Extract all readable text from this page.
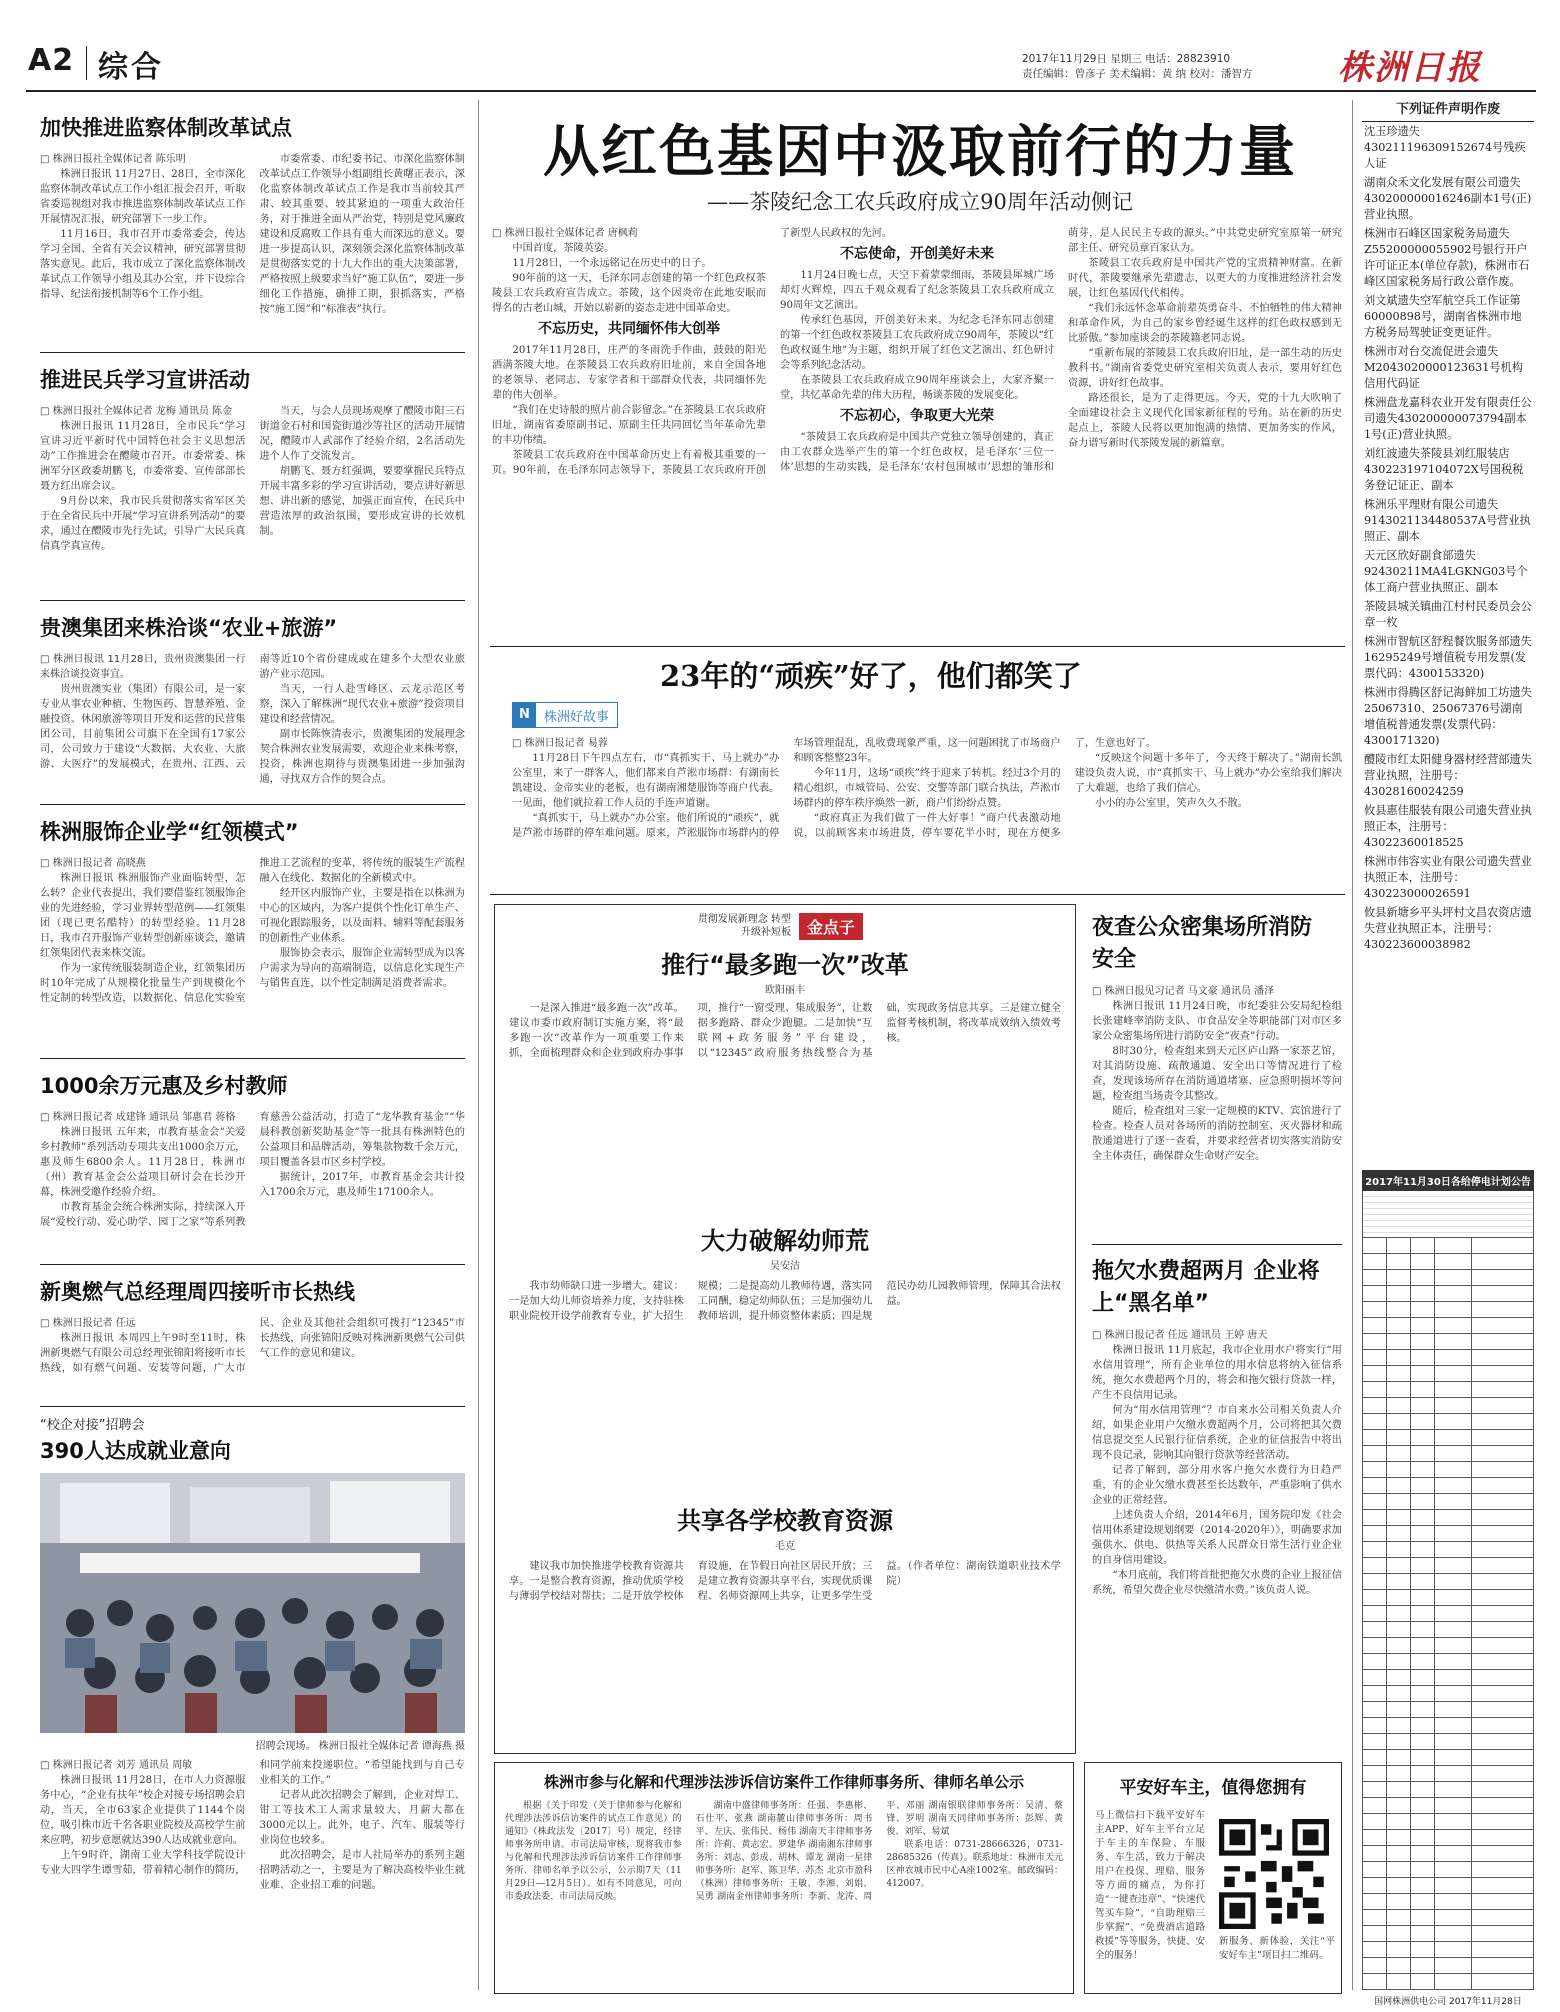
A2 综合	2017年11月29日 星期三 电话：28823910
责任编辑：曾彦子 美术编辑：黄 纳 校对：潘智方	株洲日报
加快推进监察体制改革试点
□ 株洲日报社全媒体记者 陈乐明

株洲日报讯 11月27日、28日，全市深化监察体制改革试点工作小组汇报会召开，听取省委巡视组对我市推进监察体制改革试点工作开展情况汇报，研究部署下一步工作。

11月16日，我市召开市委常委会，传达学习全国、全省有关会议精神，研究部署贯彻落实意见。此后，我市成立了深化监察体制改革试点工作领导小组及其办公室，并下设综合指导、纪法衔接机制等6个工作小组。

市委常委、市纪委书记、市深化监察体制改革试点工作领导小组副组长黄曙正表示，深化监察体制改革试点工作是我市当前较其严肃、较其重要、较其紧迫的一项重大政治任务，对于推进全面从严治党，特别是党风廉政建设和反腐败工作具有重大而深远的意义。要进一步提高认识，深刻领会深化监察体制改革是贯彻落实党的十九大作出的重大决策部署，严格按照上级要求当好“施工队伍”，要进一步细化工作措施，确排工期，狠抓落实，严格按“施工图”和“标准表”执行。

推进民兵学习宣讲活动
□ 株洲日报社全媒体记者 龙梅 通讯员 陈金

株洲日报讯 11月28日，全市民兵“学习宣讲习近平新时代中国特色社会主义思想活动”工作推进会在醴陵市召开。市委常委、株洲军分区政委胡鹏飞，市委常委、宣传部部长聂方红出席会议。

9月份以来，我市民兵贯彻落实省军区关于在全省民兵中开展“学习宣讲系列活动”的要求，通过在醴陵市先行先试，引导广大民兵真信真学真宣传。

当天，与会人员现场观摩了醴陵市阳三石街道金石村和国瓷街道沙等社区的活动开展情况，醴陵市人武部作了经验介绍，2名活动先进个人作了交流发言。

胡鹏飞、聂方红强调，要要掌握民兵特点开展丰富多彩的学习宣讲活动，要点讲好新思想、讲出新的感觉，加强正面宣传，在民兵中营造浓厚的政治氛围，要形成宣讲的长效机制。

贵澳集团来株洽谈“农业+旅游”
□ 株洲日报讯 11月28日，贵州贵澳集团一行来株洽谈投资事宜。

贵州贵澳实业（集团）有限公司，是一家专业从事农业种植、生物医药、智慧养殖、金融投资、休闲旅游等项目开发和运营的民营集团公司，目前集团公司旗下在全国有17家公司，公司致力于建设“大数据、大农业、大旅游、大医疗”的发展模式，在贵州、江西、云南等近10个省份建成或在建多个大型农业旅游产业示范园。

当天，一行人赴雪峰区、云龙示范区考察，深入了解株洲“现代农业+旅游”投资项目建设和经营情况。

副市长陈恢清表示，贵澳集团的发展理念契合株洲农业发展需要，欢迎企业来株考察，投资，株洲也期待与贵澳集团进一步加强沟通，寻找双方合作的契合点。

株洲服饰企业学“红领模式”
□ 株洲日报记者 高晓燕

株洲日报讯 株洲服饰产业面临转型，怎么转？企业代表提出，我们要借鉴红领服饰企业的先进经验，学习业界转型范例——红领集团（现已更名酷特）的转型经验。11月28日，我市召开服饰产业转型创新座谈会，邀请红领集团代表来株交流。

作为一家传统服装制造企业，红领集团历时10年完成了从规模化批量生产到规模化个性定制的转型改造，以数据化、信息化实验室推进工艺流程的变革，将传统的服装生产流程融入在线化、数据化的全新模式中。

经开区内服饰产业，主要是指在以株洲为中心的区域内，为客户提供个性化订单生产、可视化跟踪服务，以及面料、辅料等配套服务的创新性产业体系。

服饰协会表示，服饰企业需转型成为以客户需求为导向的高端制造，以信息化实现生产与销售直连，以个性定制满足消费者需求。

1000余万元惠及乡村教师
□ 株洲日报记者 成建锋 通讯员 邹惠君 蒋格

株洲日报讯 五年来，市教育基金会“关爱乡村教师”系列活动专项共支出1000余万元，惠及师生6800余人。11月28日，株洲市（州）教育基金会公益项目研讨会在长沙开幕，株洲受邀作经验介绍。

市教育基金会统合株洲实际，持续深入开展“爱校行动、爱心助学、园丁之家”等系列教育慈善公益活动，打造了“龙华教育基金”“华晨科教创新奖助基金”等一批具有株洲特色的公益项目和品牌活动，筹集款物数千余万元，项目覆盖各县市区乡村学校。

据统计，2017年，市教育基金会共计投入1700余万元，惠及师生17100余人。

新奥燃气总经理周四接听市长热线
□ 株洲日报记者 任远

株洲日报讯 本周四上午9时至11时，株洲新奥燃气有限公司总经理张锦阳将接听市长热线，如有燃气问题、安装等问题，广大市民、企业及其他社会组织可拨打“12345”市长热线，向张锦阳反映对株洲新奥燃气公司供气工作的意见和建议。

“校企对接”招聘会
390人达成就业意向
招聘会现场。 株洲日报社全媒体记者 谭海燕 摄
□ 株洲日报记者 刘芳 通讯员 周敏

株洲日报讯 11月28日，在市人力资源服务中心，“企业有扶年”校企对接专场招聘会启动，当天，全市63家企业提供了1144个岗位，吸引株市近千名各职业院校及高校学生前来应聘，初步意愿就达390人达成就业意向。

上午9时许，湖南工业大学科技学院设计专业大四学生谭雪茹，带着精心制作的简历，和同学前来投递职位。“希望能找到与自己专业相关的工作。”

记者从此次招聘会了解到，企业对焊工、钳工等技术工人需求量较大，月薪大都在3000元以上。此外，电子、汽车、服装等行业岗位也较多。

此次招聘会，是市人社局举办的系列主题招聘活动之一，主要是为了解决高校毕业生就业难、企业招工难的问题。

从红色基因中汲取前行的力量
——茶陵纪念工农兵政府成立90周年活动侧记
□ 株洲日报社全媒体记者 唐枫莉

中国首度，茶陵英姿。

11月28日，一个永远铭记在历史中的日子。

90年前的这一天，毛泽东同志创建的第一个红色政权茶陵县工农兵政府宣告成立。茶陵，这个因炎帝在此地安眠而得名的古老山城，开始以崭新的姿态走进中国革命史。

不忘历史，共同缅怀伟大创举

2017年11月28日，庄严的冬雨洗手作曲，鼓鼓的阳光洒满茶陵大地。在茶陵县工农兵政府旧址前，来自全国各地的老领导、老同志、专家学者和干部群众代表，共同缅怀先辈的伟大创举。

“我们在史诗般的照片前合影留念。”在茶陵县工农兵政府旧址，湖南省委原副书记、原副主任共同回忆当年革命先辈的丰功伟绩。

茶陵县工农兵政府在中国革命历史上有着极其重要的一页。90年前，在毛泽东同志领导下，茶陵县工农兵政府开创了新型人民政权的先河。

不忘使命，开创美好未来

11月24日晚七点，天空下着蒙蒙细雨，茶陵县犀城广场却灯火辉煌，四五千观众观看了纪念茶陵县工农兵政府成立90周年文艺演出。

传承红色基因，开创美好未来。为纪念毛泽东同志创建的第一个红色政权茶陵县工农兵政府成立90周年，茶陵以“红色政权诞生地”为主题，组织开展了红色文艺演出、红色研讨会等系列纪念活动。

在茶陵县工农兵政府成立90周年座谈会上，大家齐聚一堂，共忆革命先辈的伟大历程，畅谈茶陵的发展变化。

不忘初心，争取更大光荣

“茶陵县工农兵政府是中国共产党独立领导创建的，真正由工农群众选举产生的第一个红色政权，是毛泽东‘三位一体’思想的生动实践，是毛泽东‘农村包围城市’思想的雏形和萌芽，是人民民主专政的源头。”中共党史研究室原第一研究部主任、研究员章百家认为。

茶陵县工农兵政府是中国共产党的宝贵精神财富。在新时代，茶陵要继承先辈遗志，以更大的力度推进经济社会发展，让红色基因代代相传。

“我们永远怀念革命前辈英勇奋斗、不怕牺牲的伟大精神和革命作风，为自己的家乡曾经诞生这样的红色政权感到无比骄傲。”参加座谈会的茶陵籍老同志说。

“重新布展的茶陵县工农兵政府旧址，是一部生动的历史教科书。”湖南省委党史研究室相关负责人表示，要用好红色资源，讲好红色故事。

路还很长，是为了走得更远。今天，党的十九大吹响了全面建设社会主义现代化国家新征程的号角。站在新的历史起点上，茶陵人民将以更加饱满的热情、更加务实的作风，奋力谱写新时代茶陵发展的新篇章。

N	株洲好故事
23年的“顽疾”好了，他们都笑了
□ 株洲日报记者 易蓉

11月28日下午四点左右，市“真抓实干、马上就办”办公室里，来了一群客人，他们都来自芦淞市场群：有湖南长凯建设、金帝实业的老板，也有湖南湘楚服饰等商户代表。一见面，他们就拉着工作人员的手连声道谢。

“真抓实干，马上就办”办公室。他们所说的“顽疾”，就是芦淞市场群的停车难问题。原来，芦淞服饰市场群内的停车场管理混乱，乱收费现象严重，这一问题困扰了市场商户和顾客整整23年。

今年11月，这场“顽疾”终于迎来了转机。经过3个月的精心组织，市城管局、公安、交警等部门联合执法，芦淞市场群内的停车秩序焕然一新，商户们纷纷点赞。

“政府真正为我们做了一件大好事！”商户代表激动地说，以前顾客来市场进货，停车要花半小时，现在方便多了，生意也好了。

“反映这个问题十多年了，今天终于解决了。”湖南长凯建设负责人说，市“真抓实干、马上就办”办公室给我们解决了大难题，也给了我们信心。

小小的办公室里，笑声久久不散。

贯彻发展新理念 转型升级补短板	金点子
推行“最多跑一次”改革
欧阳丽丰
一是深入推进“最多跑一次”改革。建议市委市政府制订实施方案，将“最多跑一次”改革作为一项重要工作来抓，全面梳理群众和企业到政府办事事项，推行“一窗受理、集成服务”，让数据多跑路、群众少跑腿。二是加快“互联网+政务服务”平台建设，以“12345”政府服务热线整合为基础，实现政务信息共享。三是建立健全监督考核机制，将改革成效纳入绩效考核。
大力破解幼师荒
吴安洁
我市幼师缺口进一步增大。建议：一是加大幼儿师资培养力度，支持驻株职业院校开设学前教育专业，扩大招生规模；二是提高幼儿教师待遇，落实同工同酬，稳定幼师队伍；三是加强幼儿教师培训，提升师资整体素质；四是规范民办幼儿园教师管理，保障其合法权益。
共享各学校教育资源
毛克
建议我市加快推进学校教育资源共享。一是整合教育资源，推动优质学校与薄弱学校结对帮扶；二是开放学校体育设施，在节假日向社区居民开放；三是建立教育资源共享平台，实现优质课程、名师资源网上共享，让更多学生受益。（作者单位：湖南铁道职业技术学院）
夜查公众密集场所消防安全
□ 株洲日报见习记者 马文豪 通讯员 潘泽

株洲日报讯 11月24日晚，市纪委驻公安局纪检组长张建峰率消防支队、市食品安全等职能部门对市区多家公众密集场所进行消防安全“夜查”行动。

8时30分，检查组来到天元区庐山路一家茶艺馆，对其消防设施、疏散通道、安全出口等情况进行了检查，发现该场所存在消防通道堵塞、应急照明损坏等问题，检查组当场责令其整改。

随后，检查组对三家一定规模的KTV、宾馆进行了检查。检查人员对各场所的消防控制室、灭火器材和疏散通道进行了逐一查看，并要求经营者切实落实消防安全主体责任，确保群众生命财产安全。

拖欠水费超两月 企业将上“黑名单”
□ 株洲日报记者 任远 通讯员 王婷 唐天

株洲日报讯 11月底起，我市企业用水户将实行“用水信用管理”，所有企业单位的用水信息将纳入征信系统，拖欠水费超两个月的，将会和拖欠银行贷款一样，产生不良信用记录。

何为“用水信用管理”？市自来水公司相关负责人介绍，如果企业用户欠缴水费超两个月，公司将把其欠费信息提交至人民银行征信系统，企业的征信报告中将出现不良记录，影响其向银行贷款等经营活动。

记者了解到，部分用水客户拖欠水费行为日趋严重，有的企业欠缴水费甚至长达数年，严重影响了供水企业的正常经营。

上述负责人介绍，2014年6月，国务院印发《社会信用体系建设规划纲要（2014-2020年）》，明确要求加强供水、供电、供热等关系人民群众日常生活行业企业的自身信用建设。

“本月底前，我们将首批把拖欠水费的企业上报征信系统，希望欠费企业尽快缴清水费。”该负责人说。

株洲市参与化解和代理涉法涉诉信访案件工作律师事务所、律师名单公示

根据《关于印发（关于律师参与化解和代理涉法涉诉信访案件的试点工作意见）的通知》（株政法发〔2017〕号）规定，经律师事务所申请、市司法局审核，现将我市参与化解和代理涉法涉诉信访案件工作律师事务所、律师名单予以公示，公示期7天（11月29日—12月5日）。如有不同意见，可向市委政法委、市司法局反映。

湖南中盛律师事务所：任强、李惠彬、石仕平、张燕 湖南麓山律师事务所：周书平、左庆、张伟民、杨伟 湖南天丰律师事务所：许莉、黄志宏、罗建华 湖南湘东律师事务所：刘志、彭成、胡林、谭龙 湖南一星律师事务所：赵军、陈卫华、苏杰 北京市盈科（株洲）律师事务所：王敏、李湘、刘娟、吴勇 湖南金州律师事务所：李新、龙涛、周平、邓丽 湖南银联律师事务所：吴清、蔡锋、罗明 湖南天同律师事务所：彭辉、黄俊、刘军、易斌

联系电话：0731-28666326，0731-28685326（传真）。联系地址：株洲市天元区神农城市民中心A座1002室。邮政编码：412007。

平安好车主，值得您拥有
马上微信扫下载平安好车主APP，好车主平台立足于车主的车保险、车服务、车生活，致力于解决用户在投保、理赔、服务等方面的痛点，为你打造“一键查违章”、“快速代驾买车险”、“自助理赔三步掌握”、“免费酒店道路救援”等等服务，快捷、安全的服务！
新服务、新体验，关注“平安好车主”项目扫二维码。
下列证件声明作废

沈玉珍遗失430211196309152674号残疾人证

湖南众禾文化发展有限公司遗失430200000016246副本1号(正)营业执照。

株洲市石峰区国家税务局遗失Z55200000055902号银行开户许可证正本(单位存款)，株洲市石峰区国家税务局行政公章作废。

刘文斌遗失空军航空兵工作证第60000898号，湖南省株洲市地方税务局驾驶证变更证件。

株洲市对台交流促进会遗失M2043020000123631号机构信用代码证

株洲盘龙嘉科农业开发有限责任公司遗失430200000073794副本1号(正)营业执照。

刘红波遗失茶陵县刘红服装店430223197104072X号国税税务登记证正、副本

株洲乐平理财有限公司遗失9143021134480537A号营业执照正、副本

天元区欣好副食部遗失92430211MA4LGKNG03号个体工商户营业执照正、副本

茶陵县城关镇曲江村村民委员会公章一枚

株洲市智航区舒程餐饮服务部遗失16295249号增值税专用发票(发票代码：4300153320)

株洲市得腾区舒记海鲜加工坊遗失25067310、25067376号湖南增值税普通发票(发票代码：4300171320)

醴陵市红太阳健身器材经营部遗失营业执照，注册号：43028160024259

攸县惠佳服装有限公司遗失营业执照正本，注册号：43022360018525

株洲市伟容实业有限公司遗失营业执照正本，注册号：430223000026591

攸县新塘乡平头坪村文昌农资店遗失营业执照正本，注册号：430223600038982

2017年11月30日各给停电计划公告

国网株洲供电公司 2017年11月28日
